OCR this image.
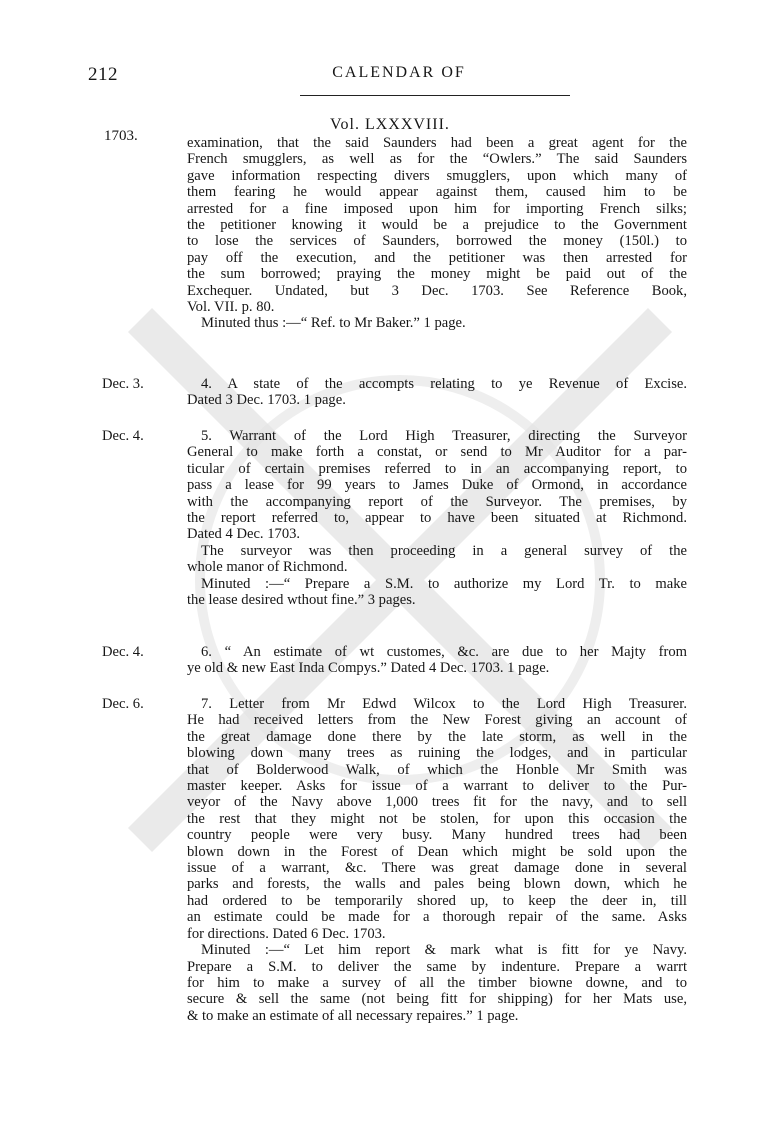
212	CALENDAR OF
Vol. LXXXVIII.
1703.	examination, that the said Saunders had been a great agent for the
French smugglers, as well as for the “Owlers.” The said Saunders
gave information respecting divers smugglers, upon which many of
them fearing he would appear against them, caused him to be
arrested for a fine imposed upon him for importing French silks;
the petitioner knowing it would be a prejudice to the Government
to lose the services of Saunders, borrowed the money (150l.) to
pay off the execution, and the petitioner was then arrested for
the sum borrowed; praying the money might be paid out of the
Exchequer. Undated, but 3 Dec. 1703. See Reference Book,
Vol. VII. p. 80.
Minuted thus :—“ Ref. to Mr Baker.” 1 page.
Dec. 3.	4. A state of the accompts relating to ye Revenue of Excise.
Dated 3 Dec. 1703. 1 page.
Dec. 4.	5. Warrant of the Lord High Treasurer, directing the Surveyor
General to make forth a constat, or send to Mr Auditor for a par-
ticular of certain premises referred to in an accompanying report, to
pass a lease for 99 years to James Duke of Ormond, in accordance
with the accompanying report of the Surveyor. The premises, by
the report referred to, appear to have been situated at Richmond.
Dated 4 Dec. 1703.
The surveyor was then proceeding in a general survey of the
whole manor of Richmond.
Minuted :—“ Prepare a S.M. to authorize my Lord Tr. to make
the lease desired wthout fine.” 3 pages.
Dec. 4.	6. “ An estimate of wt customes, &c. are due to her Majty from
ye old & new East Inda Compys.” Dated 4 Dec. 1703. 1 page.
Dec. 6.	7. Letter from Mr Edwd Wilcox to the Lord High Treasurer.
He had received letters from the New Forest giving an account of
the great damage done there by the late storm, as well in the
blowing down many trees as ruining the lodges, and in particular
that of Bolderwood Walk, of which the Honble Mr Smith was
master keeper. Asks for issue of a warrant to deliver to the Pur-
veyor of the Navy above 1,000 trees fit for the navy, and to sell
the rest that they might not be stolen, for upon this occasion the
country people were very busy. Many hundred trees had been
blown down in the Forest of Dean which might be sold upon the
issue of a warrant, &c. There was great damage done in several
parks and forests, the walls and pales being blown down, which he
had ordered to be temporarily shored up, to keep the deer in, till
an estimate could be made for a thorough repair of the same. Asks
for directions. Dated 6 Dec. 1703.
Minuted :—“ Let him report & mark what is fitt for ye Navy.
Prepare a S.M. to deliver the same by indenture. Prepare a warrt
for him to make a survey of all the timber biowne downe, and to
secure & sell the same (not being fitt for shipping) for her Mats use,
& to make an estimate of all necessary repaires.” 1 page.
